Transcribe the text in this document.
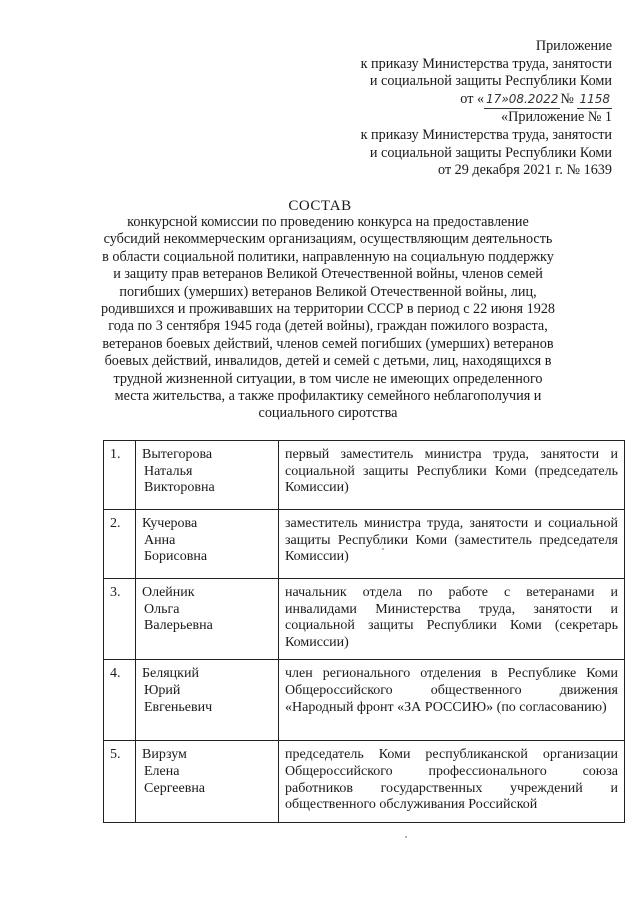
Приложение
к приказу Министерства труда, занятости
и социальной защиты Республики Коми
от « 17»08.2022 № 1158
«Приложение № 1
к приказу Министерства труда, занятости
и социальной защиты Республики Коми
от 29 декабря 2021 г. № 1639
СОСТАВ
конкурсной комиссии по проведению конкурса на предоставление субсидий некоммерческим организациям, осуществляющим деятельность в области социальной политики, направленную на социальную поддержку и защиту прав ветеранов Великой Отечественной войны, членов семей погибших (умерших) ветеранов Великой Отечественной войны, лиц, родившихся и проживавших на территории СССР в период с 22 июня 1928 года по 3 сентября 1945 года (детей войны), граждан пожилого возраста, ветеранов боевых действий, членов семей погибших (умерших) ветеранов боевых действий, инвалидов, детей и семей с детьми, лиц, находящихся в трудной жизненной ситуации, в том числе не имеющих определенного места жительства, а также профилактику семейного неблагополучия и социального сиротства
1.	Вытегорова
Наталья
Викторовна	первый заместитель министра труда, занятости и социальной защиты Республики Коми (председатель Комиссии)
2.	Кучерова
Анна
Борисовна	заместитель министра труда, занятости и социальной защиты Республики Коми (заместитель председателя Комиссии)
3.	Олейник
Ольга
Валерьевна	начальник отдела по работе с ветеранами и инвалидами Министерства труда, занятости и социальной защиты Республики Коми (секретарь Комиссии)
4.	Беляцкий
Юрий
Евгеньевич	член регионального отделения в Республике Коми Общероссийского общественного движения «Народный фронт «ЗА РОССИЮ» (по согласованию)
5.	Вирзум
Елена
Сергеевна	председатель Коми республиканской организации Общероссийского профессионального союза работников государственных учреждений и общественного обслуживания Российской
